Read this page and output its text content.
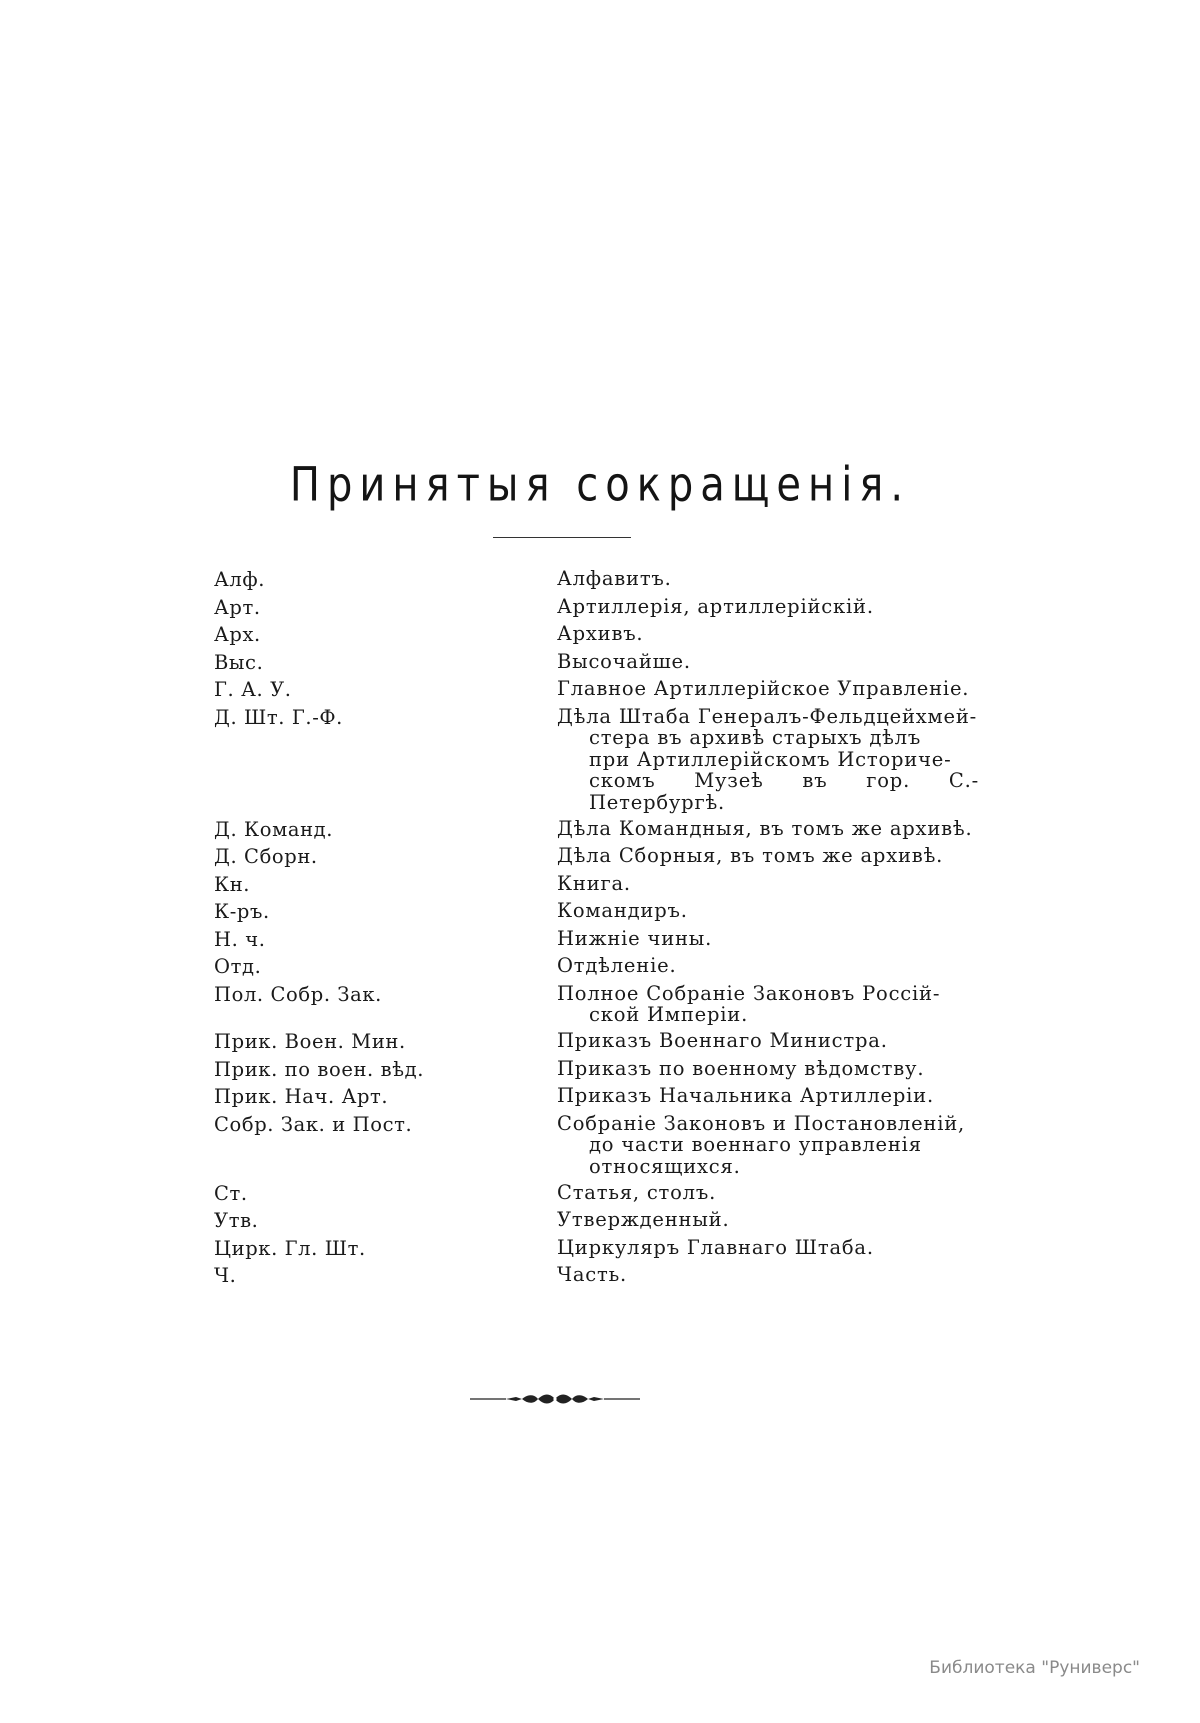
Принятыя сокращенія.
Алф.	Алфавитъ.
Арт.	Артиллерія, артиллерійскій.
Арх.	Архивъ.
Выс.	Высочайше.
Г. А. У.	Главное Артиллерійское Управленіе.
Д. Шт. Г.-Ф.	Дѣла Штаба Генералъ-Фельдцейхмей-
стера въ архивѣ старыхъ дѣлъ
при Артиллерійскомъ Историче-
скомъ Музеѣ въ гор. С.-Петербургѣ.
Д. Команд.	Дѣла Командныя, въ томъ же архивѣ.
Д. Сборн.	Дѣла Сборныя, въ томъ же архивѣ.
Кн.	Книга.
К-ръ.	Командиръ.
Н. ч.	Нижніе чины.
Отд.	Отдѣленіе.
Пол. Собр. Зак.	Полное Собраніе Законовъ Россій-
ской Имперіи.
Прик. Воен. Мин.	Приказъ Военнаго Министра.
Прик. по воен. вѣд.	Приказъ по военному вѣдомству.
Прик. Нач. Арт.	Приказъ Начальника Артиллеріи.
Собр. Зак. и Пост.	Собраніе Законовъ и Постановленій,
до части военнаго управленія
относящихся.
Ст.	Статья, столъ.
Утв.	Утвержденный.
Цирк. Гл. Шт.	Циркуляръ Главнаго Штаба.
Ч.	Часть.
Библиотека "Руниверс"
